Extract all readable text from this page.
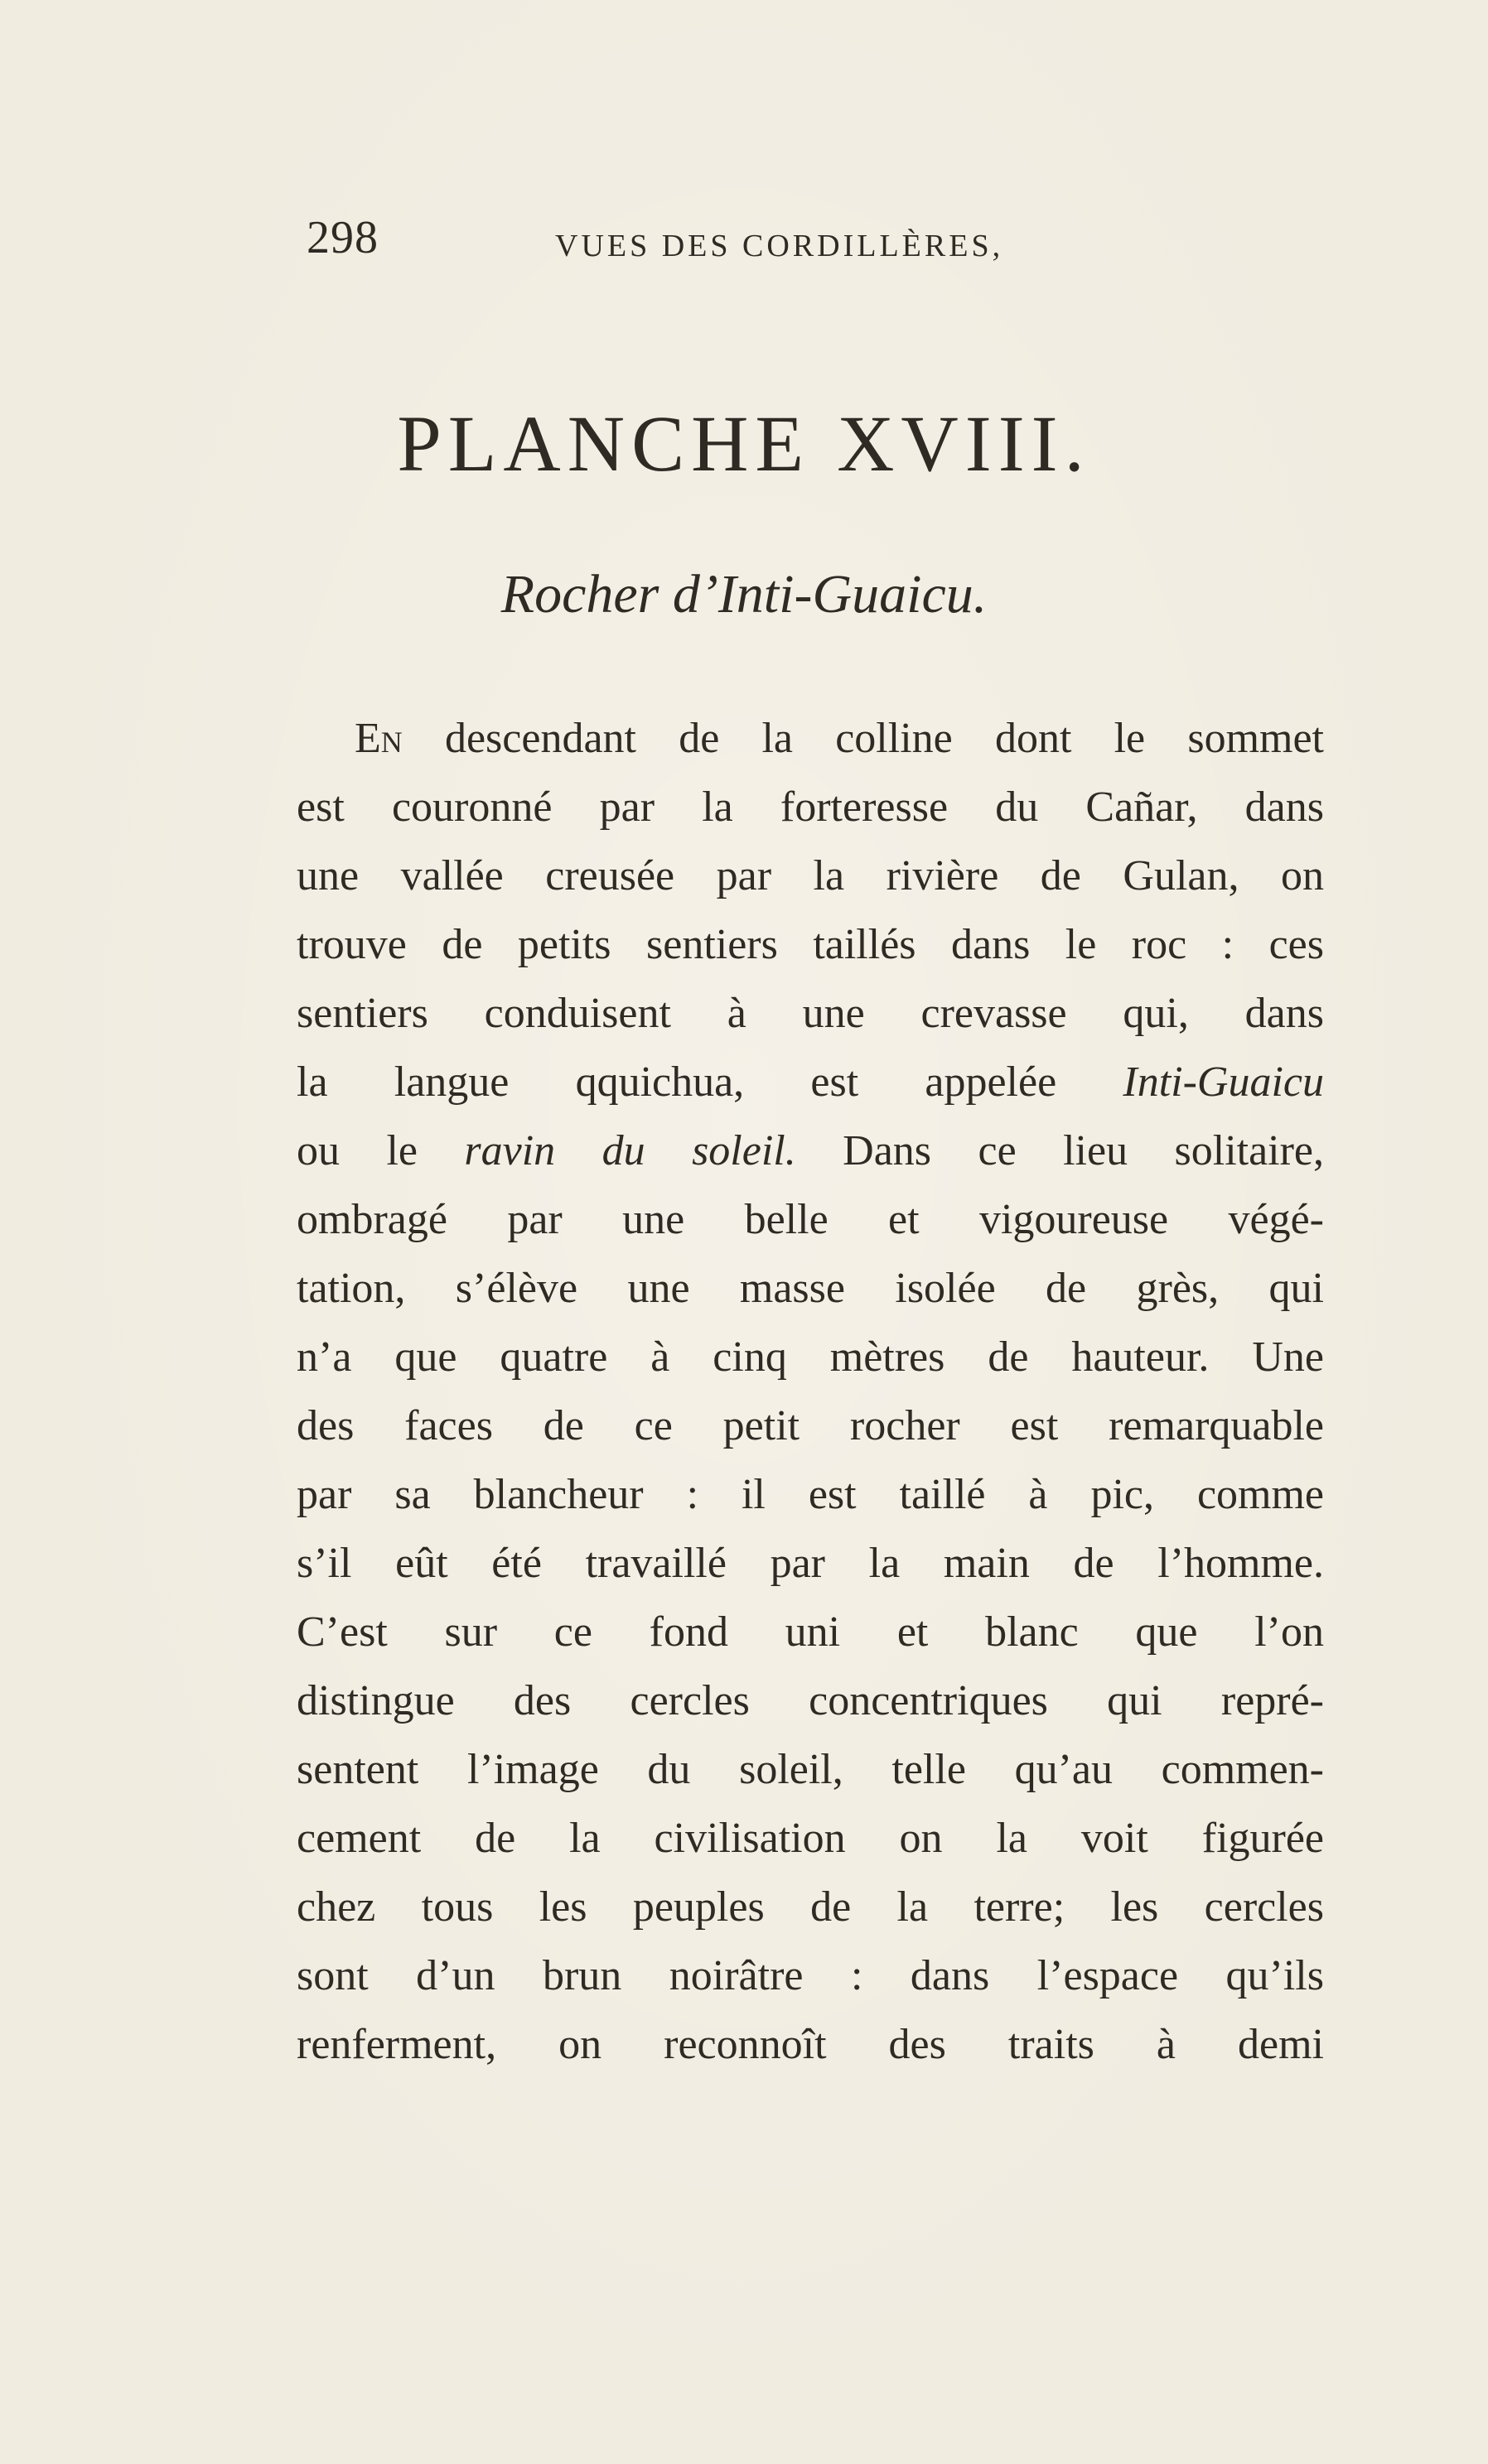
298	VUES DES CORDILLÈRES,
PLANCHE XVIII.
Rocher d’Inti-Guaicu.
En descendant de la colline dont le sommet
est couronné par la forteresse du Cañar, dans
une vallée creusée par la rivière de Gulan, on
trouve de petits sentiers taillés dans le roc : ces
sentiers conduisent à une crevasse qui, dans
la langue qquichua, est appelée Inti-Guaicu
ou le ravin du soleil. Dans ce lieu solitaire,
ombragé par une belle et vigoureuse végé-
tation, s’élève une masse isolée de grès, qui
n’a que quatre à cinq mètres de hauteur. Une
des faces de ce petit rocher est remarquable
par sa blancheur : il est taillé à pic, comme
s’il eût été travaillé par la main de l’homme.
C’est sur ce fond uni et blanc que l’on
distingue des cercles concentriques qui repré-
sentent l’image du soleil, telle qu’au commen-
cement de la civilisation on la voit figurée
chez tous les peuples de la terre; les cercles
sont d’un brun noirâtre : dans l’espace qu’ils
renferment, on reconnoît des traits à demi
